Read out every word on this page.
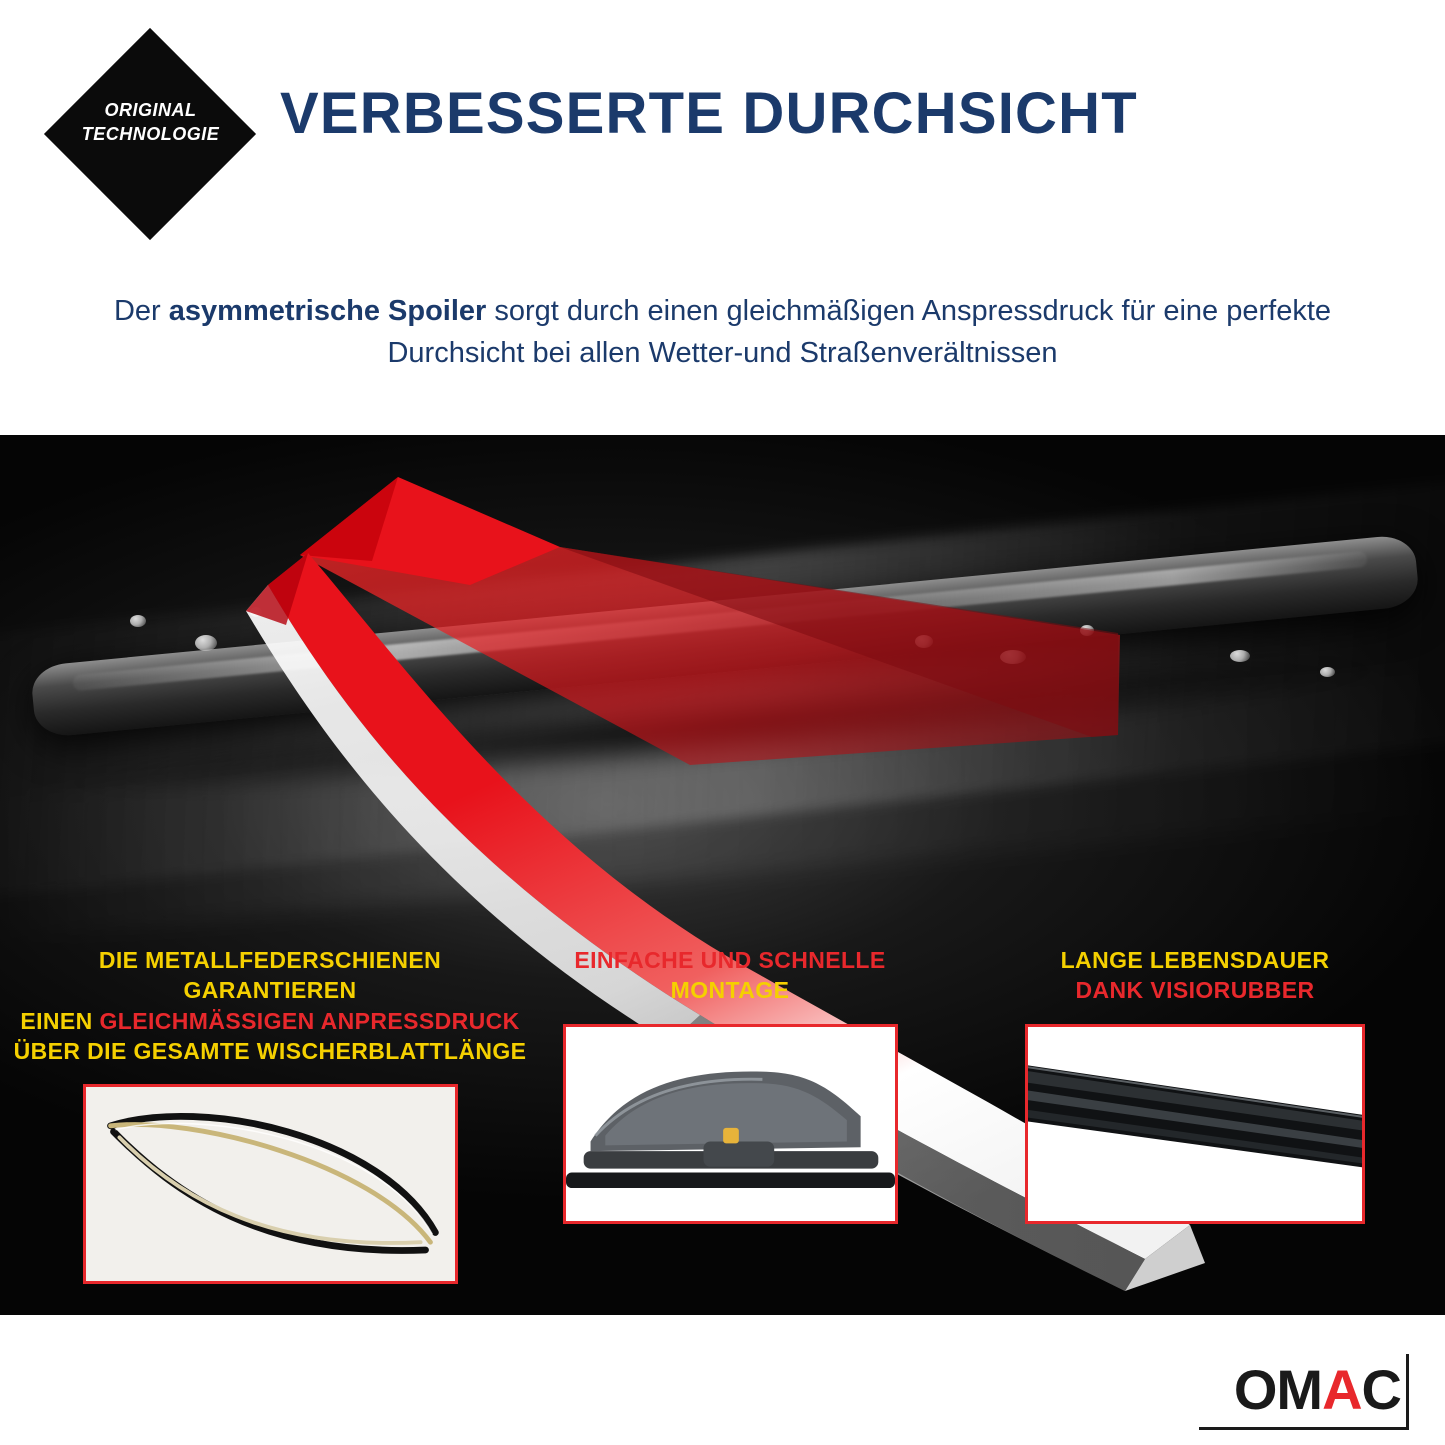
ORIGINAL
TECHNOLOGIE	VERBESSERTE DURCHSICHT
Der asymmetrische Spoiler sorgt durch einen gleichmäßigen Anspressdruck für eine perfekte Durchsicht bei allen Wetter-und Straßenverältnissen
DIE METALLFEDERSCHIENEN GARANTIEREN
EINEN GLEICHMÄSSIGEN ANPRESSDRUCK
ÜBER DIE GESAMTE WISCHERBLATTLÄNGE
EINFACHE UND SCHNELLE
MONTAGE
LANGE LEBENSDAUER
DANK VISIORUBBER
OMAC
